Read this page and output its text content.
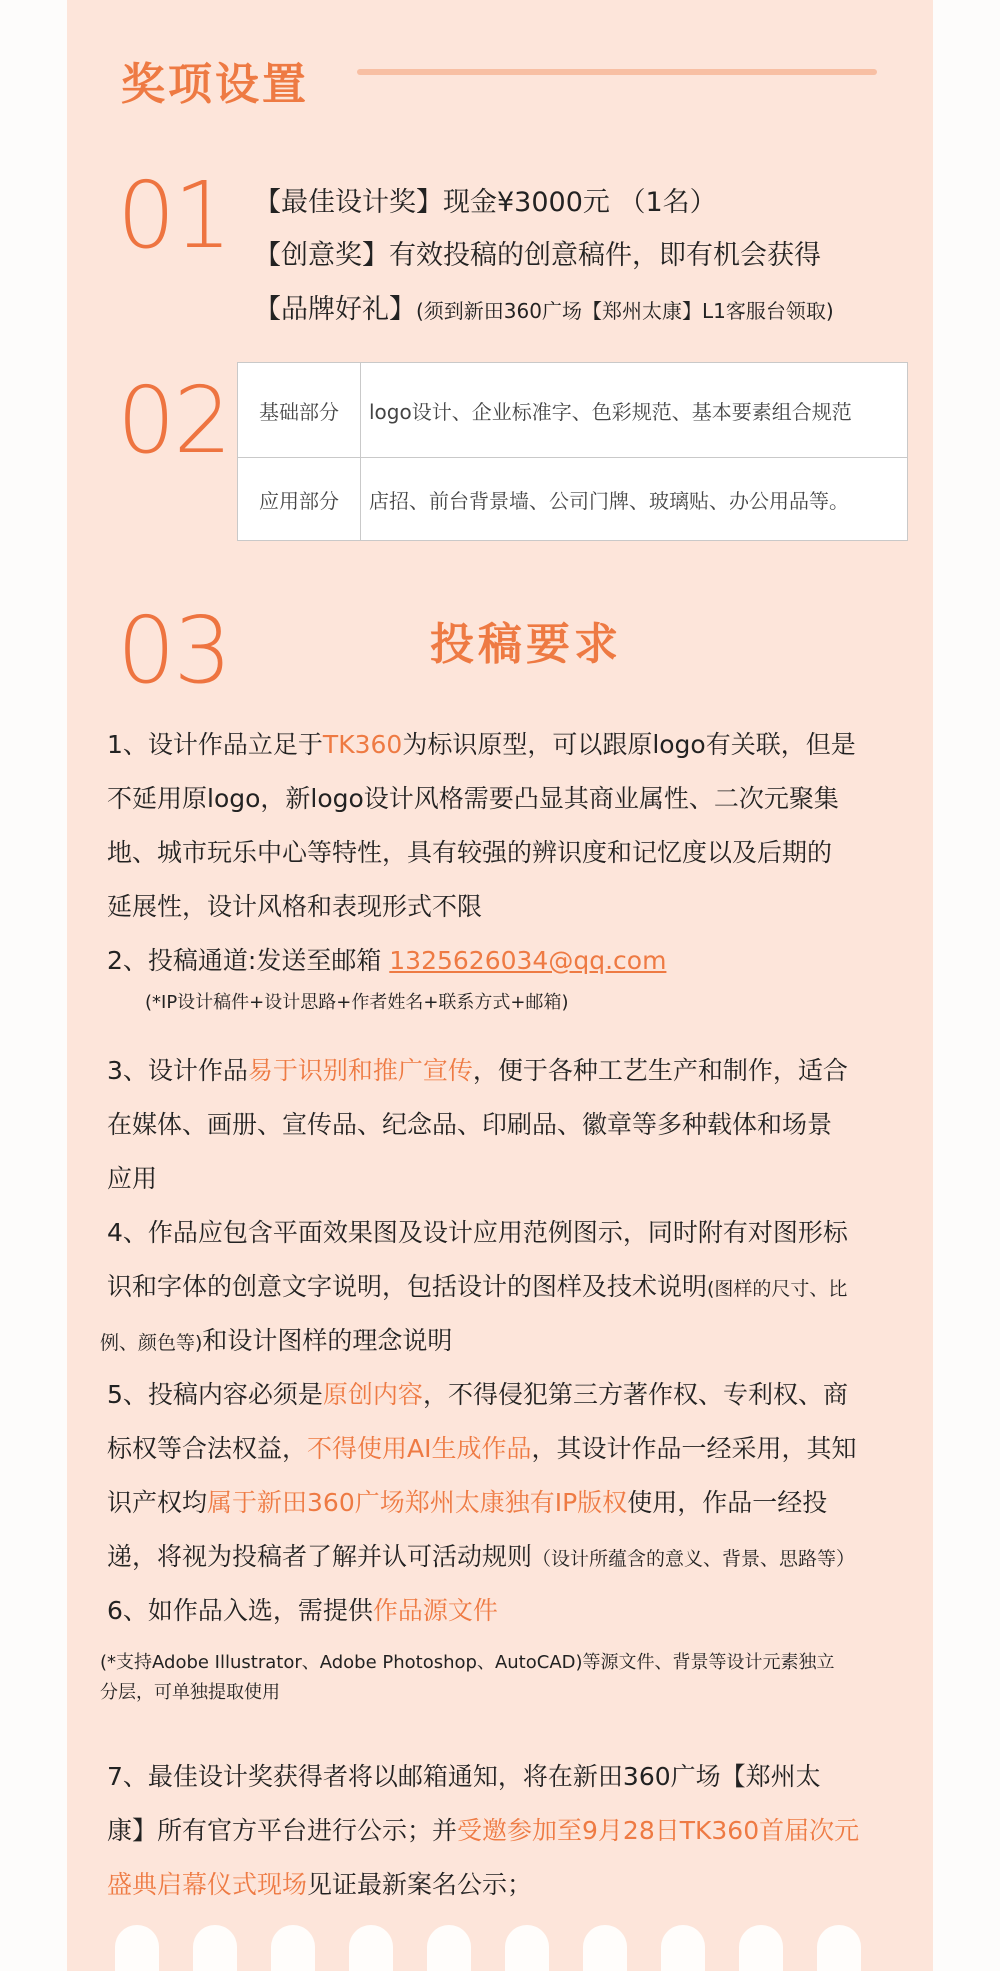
奖项设置
01 【最佳设计奖】现金¥3000元 （1名）
【创意奖】有效投稿的创意稿件，即有机会获得
【品牌好礼】(须到新田360广场【郑州太康】L1客服台领取)
02 基础部分	logo设计、企业标准字、色彩规范、基本要素组合规范
应用部分	店招、前台背景墙、公司门牌、玻璃贴、办公用品等。
03	投稿要求
1、设计作品立足于TK360为标识原型，可以跟原logo有关联，但是
不延用原logo，新logo设计风格需要凸显其商业属性、二次元聚集
地、城市玩乐中心等特性，具有较强的辨识度和记忆度以及后期的
延展性，设计风格和表现形式不限
2、投稿通道:发送至邮箱 1325626034@qq.com
(*IP设计稿件+设计思路+作者姓名+联系方式+邮箱)
3、设计作品易于识别和推广宣传，便于各种工艺生产和制作，适合
在媒体、画册、宣传品、纪念品、印刷品、徽章等多种载体和场景
应用
4、作品应包含平面效果图及设计应用范例图示，同时附有对图形标
识和字体的创意文字说明，包括设计的图样及技术说明(图样的尺寸、比
例、颜色等)和设计图样的理念说明
5、投稿内容必须是原创内容，不得侵犯第三方著作权、专利权、商
标权等合法权益，不得使用AI生成作品，其设计作品一经采用，其知
识产权均属于新田360广场郑州太康独有IP版权使用，作品一经投
递，将视为投稿者了解并认可活动规则（设计所蕴含的意义、背景、思路等）
6、如作品入选，需提供作品源文件
(*支持Adobe Illustrator、Adobe Photoshop、AutoCAD)等源文件、背景等设计元素独立
分层，可单独提取使用
7、最佳设计奖获得者将以邮箱通知，将在新田360广场【郑州太
康】所有官方平台进行公示；并受邀参加至9月28日TK360首届次元
盛典启幕仪式现场见证最新案名公示；
